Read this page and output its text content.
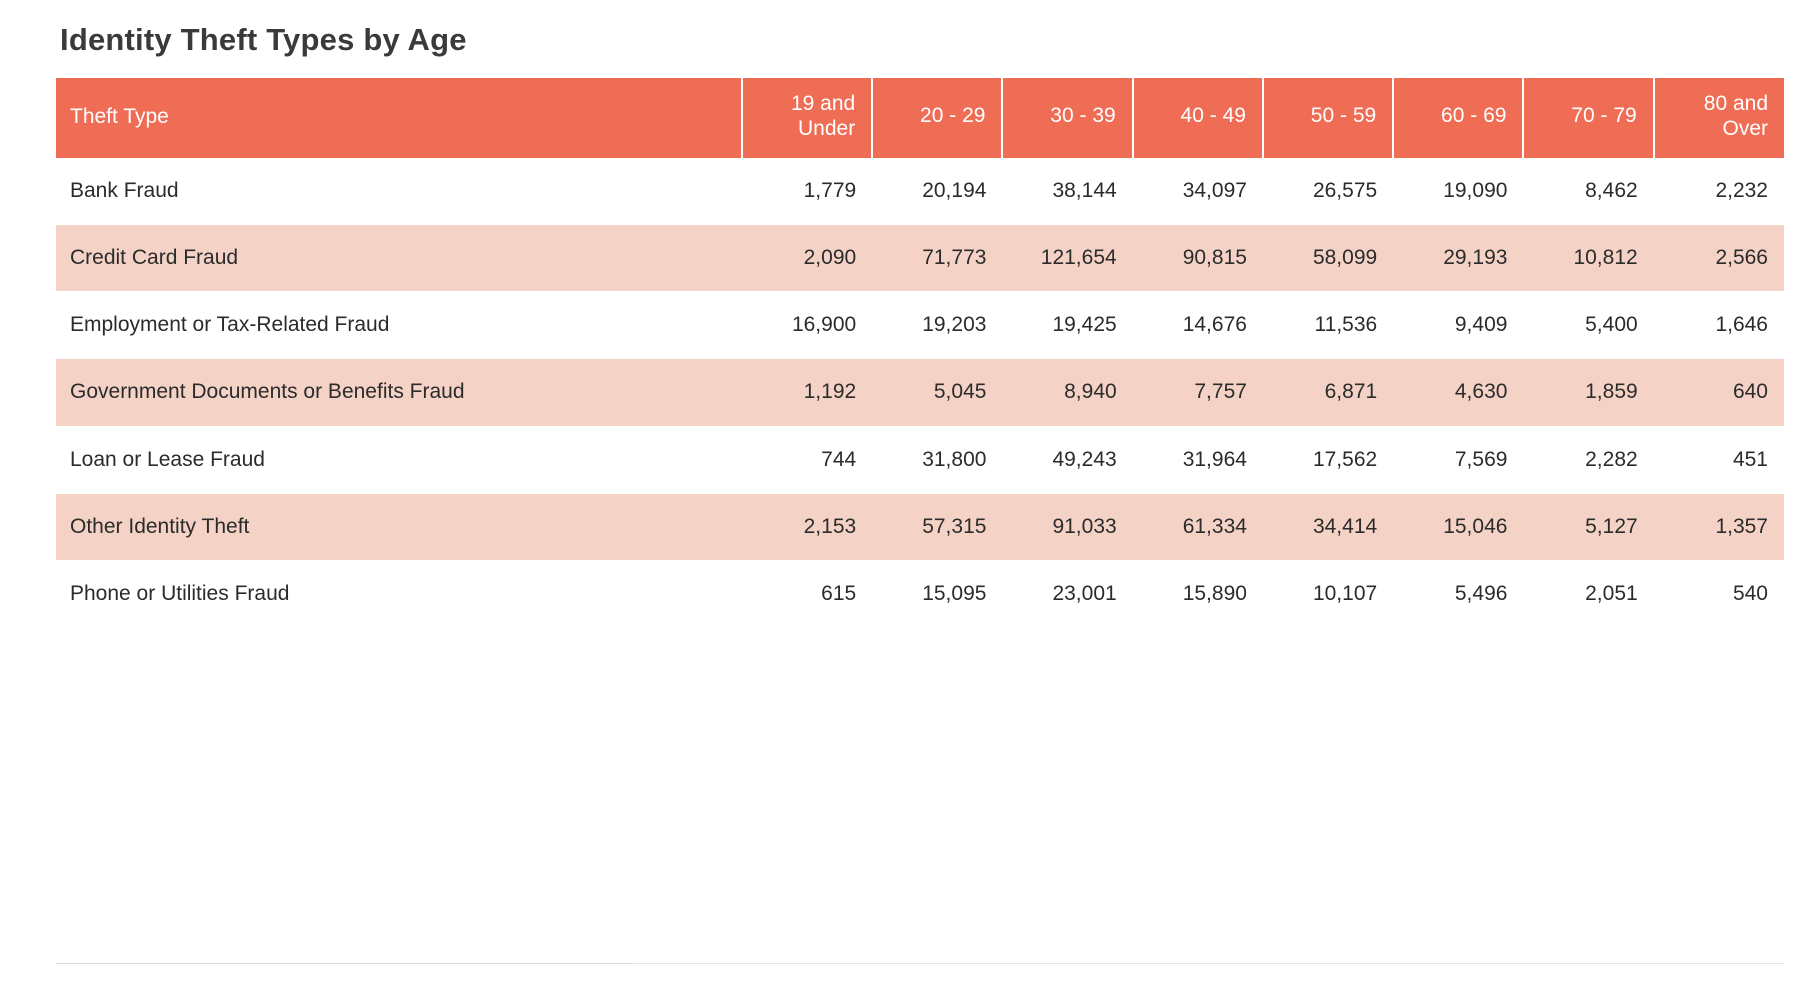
Identity Theft Types by Age
Theft Type	19 and Under	20 - 29	30 - 39	40 - 49	50 - 59	60 - 69	70 - 79	80 and Over
Bank Fraud	1,779	20,194	38,144	34,097	26,575	19,090	8,462	2,232
Credit Card Fraud	2,090	71,773	121,654	90,815	58,099	29,193	10,812	2,566
Employment or Tax-Related Fraud	16,900	19,203	19,425	14,676	11,536	9,409	5,400	1,646
Government Documents or Benefits Fraud	1,192	5,045	8,940	7,757	6,871	4,630	1,859	640
Loan or Lease Fraud	744	31,800	49,243	31,964	17,562	7,569	2,282	451
Other Identity Theft	2,153	57,315	91,033	61,334	34,414	15,046	5,127	1,357
Phone or Utilities Fraud	615	15,095	23,001	15,890	10,107	5,496	2,051	540
